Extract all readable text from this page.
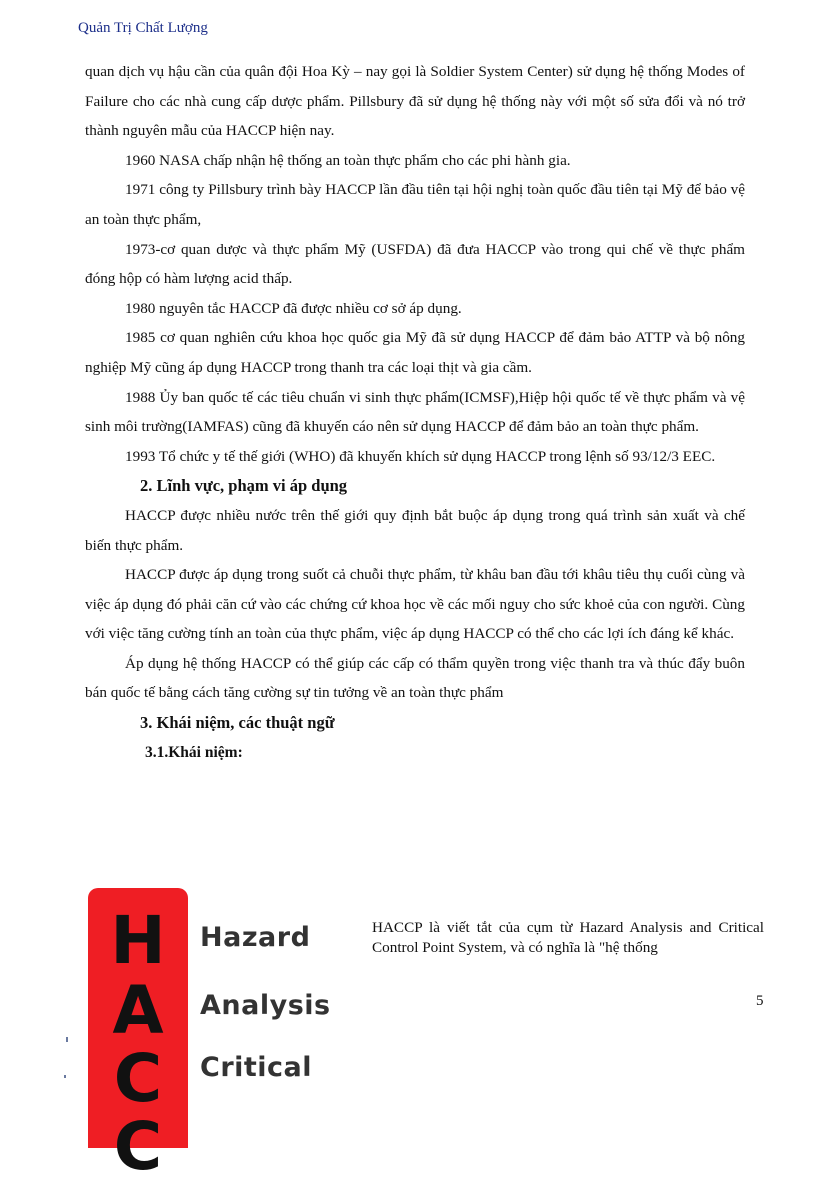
Quản Trị Chất Lượng

quan dịch vụ hậu cần của quân đội Hoa Kỳ – nay gọi là Soldier System Center) sử dụng hệ thống Modes of Failure cho các nhà cung cấp dược phẩm. Pillsbury đã sử dụng hệ thống này với một số sửa đổi và nó trở thành nguyên mẫu của HACCP hiện nay.

1960 NASA chấp nhận hệ thống an toàn thực phẩm cho các phi hành gia.

1971 công ty Pillsbury trình bày HACCP lần đầu tiên tại hội nghị toàn quốc đầu tiên tại Mỹ để bảo vệ an toàn thực phẩm,

1973-cơ quan dược và thực phẩm Mỹ (USFDA) đã đưa HACCP vào trong qui chế về thực phẩm đóng hộp có hàm lượng acid thấp.

1980 nguyên tắc HACCP đã được nhiều cơ sở áp dụng.

1985 cơ quan nghiên cứu khoa học quốc gia Mỹ đã sử dụng HACCP để đảm bảo ATTP và bộ nông nghiệp Mỹ cũng áp dụng HACCP trong thanh tra các loại thịt và gia cầm.

1988 Ủy ban quốc tế các tiêu chuẩn vi sinh thực phẩm(ICMSF),Hiệp hội quốc tế về thực phẩm và vệ sinh môi trường(IAMFAS) cũng đã khuyến cáo nên sử dụng HACCP để đảm bảo an toàn thực phẩm.

1993 Tổ chức y tế thế giới (WHO) đã khuyến khích sử dụng HACCP trong lệnh số 93/12/3 EEC.

2. Lĩnh vực, phạm vi áp dụng

HACCP được nhiều nước trên thế giới quy định bắt buộc áp dụng trong quá trình sản xuất và chế biến thực phẩm.

HACCP được áp dụng trong suốt cả chuỗi thực phẩm, từ khâu ban đầu tới khâu tiêu thụ cuối cùng và việc áp dụng đó phải căn cứ vào các chứng cứ khoa học về các mối nguy cho sức khoẻ của con người. Cùng với việc tăng cường tính an toàn của thực phẩm, việc áp dụng HACCP có thể cho các lợi ích đáng kể khác.

Áp dụng hệ thống HACCP có thể giúp các cấp có thẩm quyền trong việc thanh tra và thúc đẩy buôn bán quốc tế bằng cách tăng cường sự tin tưởng về an toàn thực phẩm

3. Khái niệm, các thuật ngữ
3.1.Khái niệm:
H
A
C
C
Hazard
Analysis
Critical
HACCP là viết tắt của cụm từ Hazard Analysis and Critical Control Point System, và có nghĩa là "hệ thống
5
